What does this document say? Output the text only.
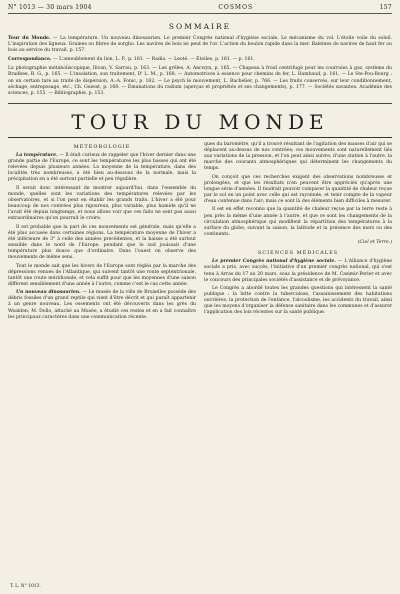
N° 1013 — 30 mars 1904	COSMOS	157
SOMMAIRE

Tour du Monde. — La température. Un nouveau dinosaurien. Le premier Congrès national d'hygiène sociale. Le mécanisme du vol. L'étoile voile du soleil. L'inspiration des ligneux. Graines ou fibres de sorgho. Les navires de bois ne peut de l'or. L'action du boulon rapide dans la mer. Baleines de navires de haut fer ou bois au service du travail, p. 157.

Correspondance. — L'ameublement du lion, L. P., p. 161. — Radia. — Leoté. — Étoiles, p. 161. — p. 161.

La photographie métaboliscopique, Ilivan, V. Sarrau, p. 163. — Les grêles, A. Ancwyn, p. 165. — Chapeau à froid centrifugé pour les courroies à gaz, système du Bradbee, B. G., p. 165. — L'insolation, son traitement, D' L. M., p. 168. — Automotrices à essence pour chemins de fer, L. Rambaud, p. 161. — Le Ste-Pou-Bourg : on un certain tare au traité de dispersion, A.-A. Fonic, p. 162. — Le psych le mouvement, L. Bachelier, p. 766. — Les fruits conservés, sur leur conditionnement, séchage, entreposage, etc., Ch. Guesst, p. 168. — Émanations du radium (aperçus et propriétés et ses changements), p. 177. — Sociétés savantes. Académie des sciences, p. 155. — Bibliographie, p. 153.

TOUR DU MONDE
MÉTÉOROLOGIE

La température. — Il était curieux de rappeler que l'hiver dernier dans une grande partie de l'Europe, ce sont les températures les plus basses qui ont été relevées depuis plusieurs années. La moyenne de la température, dans des localités très nombreuses, a été bien au-dessous de la normale, mais la précipitation en a été surtout partielle et peu régulière.

Il serait donc intéressant de montrer aujourd'hui, dans l'ensemble du monde, quelles sont les variations des températures relevées par les observatoires, et si l'on peut en établir les grands traits. L'hiver a été pour beaucoup de nos contrées plus rigoureux, plus variable, plus humide qu'il ne l'avait été depuis longtemps, et nous allons voir que ces faits ne sont pas aussi extraordinaires qu'on pourrait le croire.

Il est probable que la part de ces mouvements est générale, mais qu'elle a été plus accusée dans certaines régions. La température moyenne de l'hiver a été inférieure de 3° à celle des années précédentes, et la baisse a été surtout sensible dans le nord de l'Europe, pendant que le sud jouissait d'une température plus douce que d'ordinaire. Dans l'ouest on observe des mouvements de même sens.

Tout le monde sait que les hivers de l'Europe sont réglés par la marche des dépressions venues de l'Atlantique, qui suivent tantôt une route septentrionale, tantôt une route méridionale, et cela suffit pour que les moyennes d'une saison diffèrent sensiblement d'une année à l'autre, comme c'est le cas cette année.

Un nouveau dinosaurien. — Le musée de la ville de Bruxelles possède des débris fossiles d'un grand reptile qui vient d'être décrit et qui paraît appartenir à un genre nouveau. Les ossements ont été découverts dans les grès du Wealden; M. Dollo, attaché au Musée, a étudié ces restes et en a fait connaître les principaux caractères dans une communication récente.

ques du baromètre, qu'il a trouvé résultant de l'agitation des masses d'air qui se déplacent au-dessus de nos contrées; ces mouvements sont naturellement liés aux variations de la pression, et l'on peut ainsi suivre, d'une station à l'autre, la marche des courants atmosphériques qui déterminent les changements du temps.

On conçoit que ces recherches exigent des observations nombreuses et prolongées, et que les résultats n'en peuvent être appréciés qu'après une longue série d'années. Il faudrait pouvoir comparer la quantité de chaleur reçue par le sol en un point avec celle qui est rayonnée, et tenir compte de la vapeur d'eau contenue dans l'air; mais ce sont là des éléments bien difficiles à mesurer.

Il est en effet reconnu que la quantité de chaleur reçue par la terre reste à peu près la même d'une année à l'autre, et que ce sont les changements de la circulation atmosphérique qui modifient la répartition des températures à la surface du globe, suivant la saison, la latitude et la présence des mers ou des continents.

(Ciel et Terre.)
SCIENCES MÉDICALES

Le premier Congrès national d'hygiène sociale. — L'Alliance d'hygiène sociale a pris, avec succès, l'initiative d'un premier congrès national, qui s'est tenu à Arras du 17 au 20 mars, sous la présidence de M. Casimir-Perier et avec le concours des principales sociétés d'assistance et de prévoyance.

Le Congrès a abordé toutes les grandes questions qui intéressent la santé publique : la lutte contre la tuberculose, l'assainissement des habitations ouvrières, la protection de l'enfance, l'alcoolisme, les accidents du travail, ainsi que les moyens d'organiser la défense sanitaire dans les communes et d'assurer l'application des lois récentes sur la santé publique.

T. L. N° 1013.
